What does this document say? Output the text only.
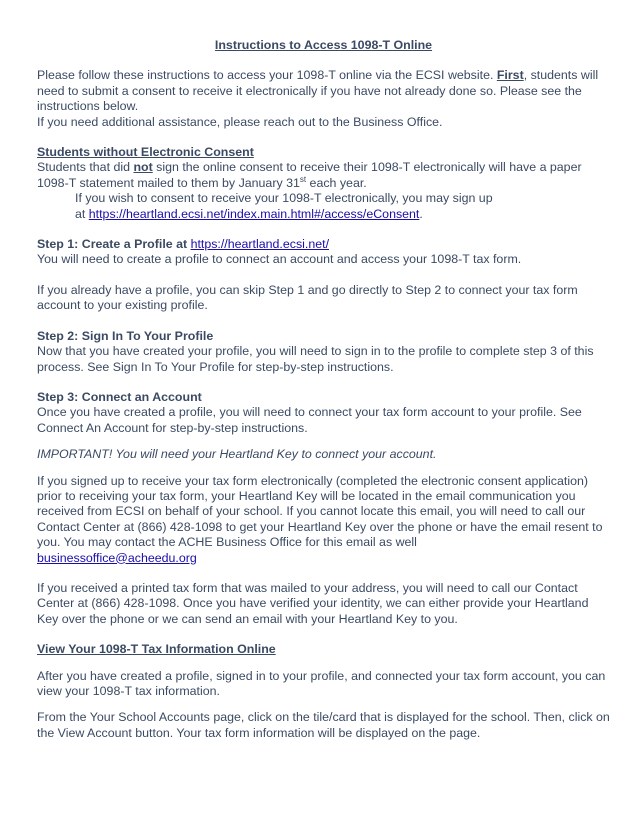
Instructions to Access 1098-T Online

Please follow these instructions to access your 1098-T online via the ECSI website. First, students will need to submit a consent to receive it electronically if you have not already done so. Please see the instructions below.

If you need additional assistance, please reach out to the Business Office.

Students without Electronic Consent

Students that did not sign the online consent to receive their 1098-T electronically will have a paper 1098-T statement mailed to them by January 31st each year.

If you wish to consent to receive your 1098-T electronically, you may sign up

at https://heartland.ecsi.net/index.main.html#/access/eConsent.

Step 1: Create a Profile at https://heartland.ecsi.net/

You will need to create a profile to connect an account and access your 1098-T tax form.

If you already have a profile, you can skip Step 1 and go directly to Step 2 to connect your tax form account to your existing profile.

Step 2: Sign In To Your Profile

Now that you have created your profile, you will need to sign in to the profile to complete step 3 of this process. See Sign In To Your Profile for step-by-step instructions.

Step 3: Connect an Account

Once you have created a profile, you will need to connect your tax form account to your profile. See Connect An Account for step-by-step instructions.

IMPORTANT! You will need your Heartland Key to connect your account.

If you signed up to receive your tax form electronically (completed the electronic consent application) prior to receiving your tax form, your Heartland Key will be located in the email communication you received from ECSI on behalf of your school. If you cannot locate this email, you will need to call our Contact Center at (866) 428-1098 to get your Heartland Key over the phone or have the email resent to you. You may contact the ACHE Business Office for this email as well

businessoffice@acheedu.org

If you received a printed tax form that was mailed to your address, you will need to call our Contact Center at (866) 428-1098. Once you have verified your identity, we can either provide your Heartland Key over the phone or we can send an email with your Heartland Key to you.

View Your 1098-T Tax Information Online

After you have created a profile, signed in to your profile, and connected your tax form account, you can view your 1098-T tax information.

From the Your School Accounts page, click on the tile/card that is displayed for the school. Then, click on the View Account button. Your tax form information will be displayed on the page.
